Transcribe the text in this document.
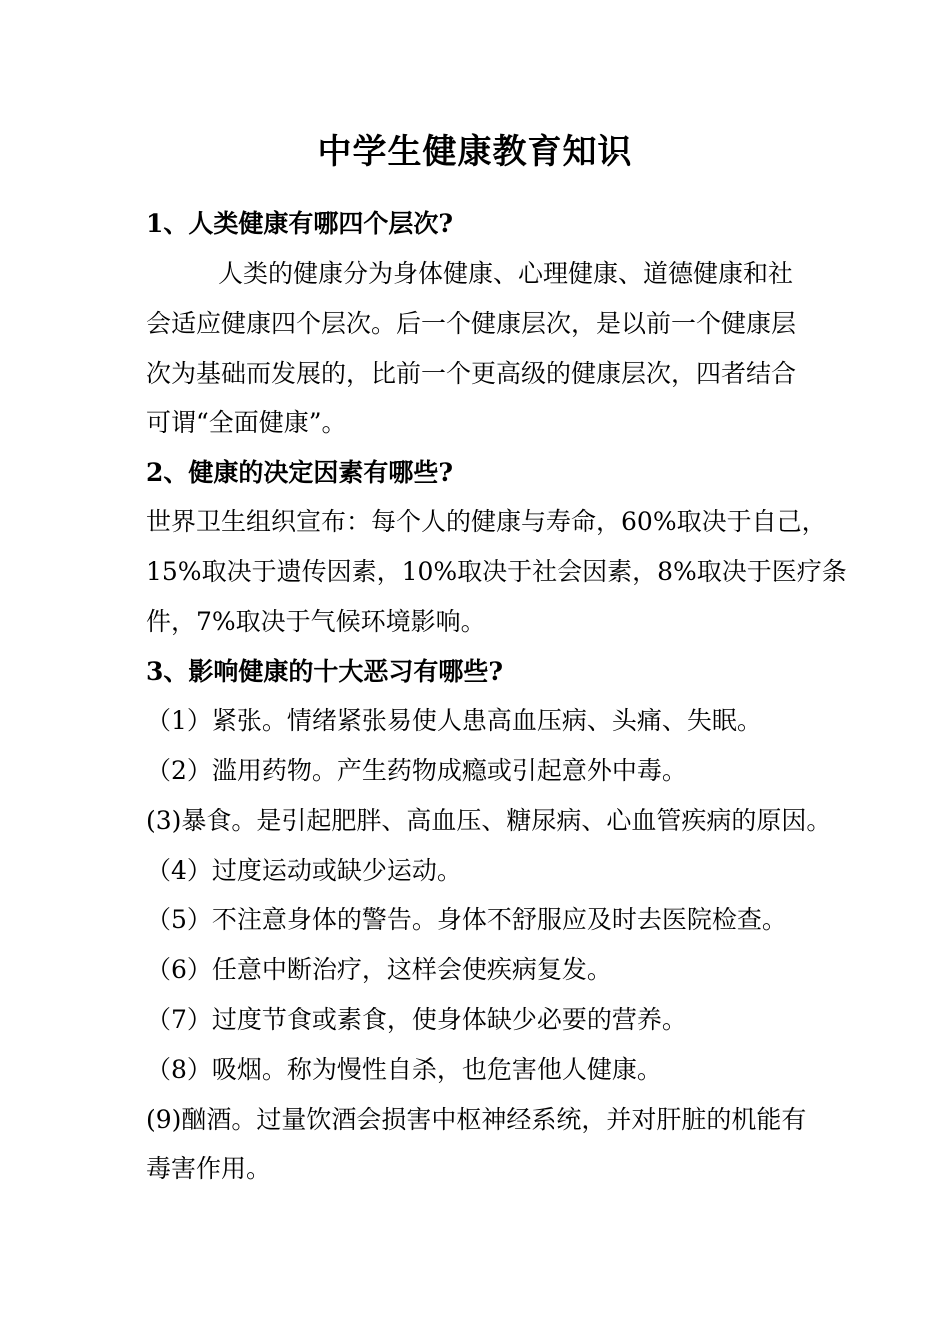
中学生健康教育知识
1、人类健康有哪四个层次?
人类的健康分为身体健康、心理健康、道德健康和社
会适应健康四个层次。后一个健康层次，是以前一个健康层
次为基础而发展的，比前一个更高级的健康层次，四者结合
可谓“全面健康”。
2、健康的决定因素有哪些?
世界卫生组织宣布：每个人的健康与寿命，60%取决于自己，
15%取决于遗传因素，10%取决于社会因素，8%取决于医疗条
件，7%取决于气候环境影响。
3、影响健康的十大恶习有哪些?
（1）紧张。情绪紧张易使人患高血压病、头痛、失眠。
（2）滥用药物。产生药物成瘾或引起意外中毒。
(3)暴食。是引起肥胖、高血压、糖尿病、心血管疾病的原因。
（4）过度运动或缺少运动。
（5）不注意身体的警告。身体不舒服应及时去医院检查。
（6）任意中断治疗，这样会使疾病复发。
（7）过度节食或素食，使身体缺少必要的营养。
（8）吸烟。称为慢性自杀，也危害他人健康。
(9)酗酒。过量饮酒会损害中枢神经系统，并对肝脏的机能有
毒害作用。
